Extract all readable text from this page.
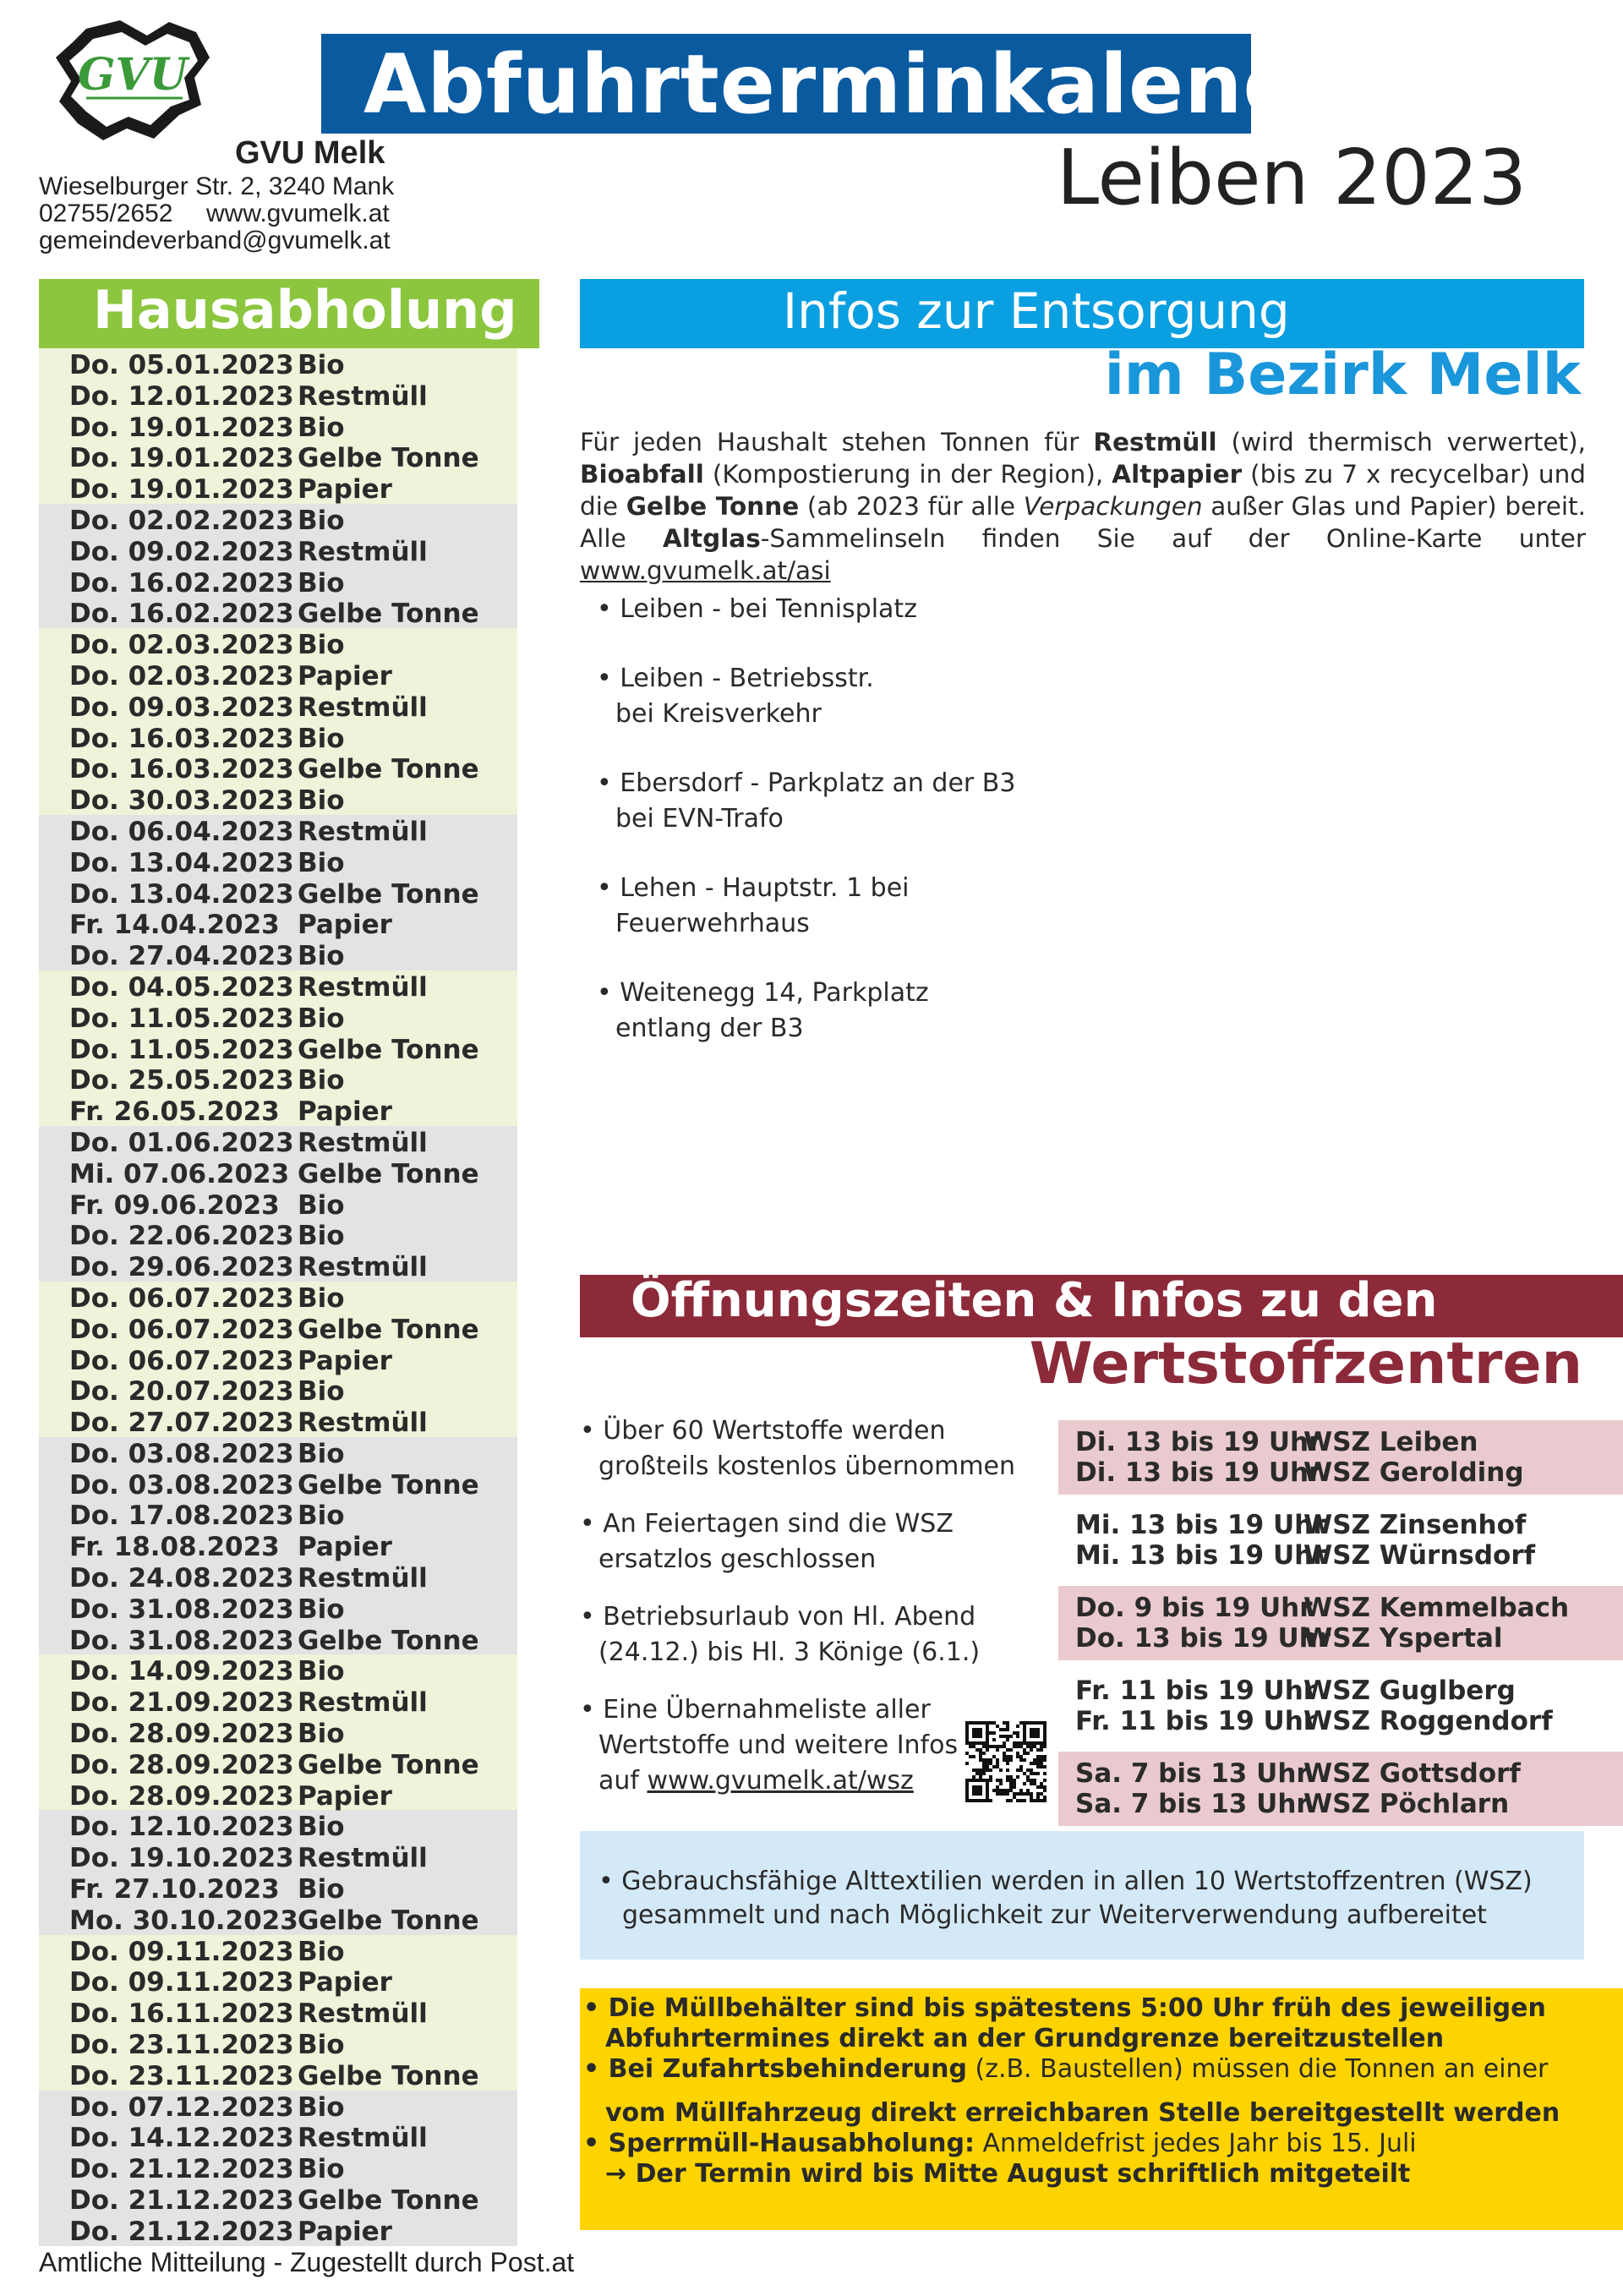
GVU Abfuhrterminkalender
Leiben 2023
GVU Melk
Wieselburger Str. 2, 3240 Mank
02755/2652 www.gvumelk.at
gemeindeverband@gvumelk.at
Hausabholung
Do. 05.01.2023 Bio
Do. 12.01.2023 Restmüll
Do. 19.01.2023 Bio
Do. 19.01.2023 Gelbe Tonne
Do. 19.01.2023 Papier
Do. 02.02.2023 Bio
Do. 09.02.2023 Restmüll
Do. 16.02.2023 Bio
Do. 16.02.2023 Gelbe Tonne
Do. 02.03.2023 Bio
Do. 02.03.2023 Papier
Do. 09.03.2023 Restmüll
Do. 16.03.2023 Bio
Do. 16.03.2023 Gelbe Tonne
Do. 30.03.2023 Bio
Do. 06.04.2023 Restmüll
Do. 13.04.2023 Bio
Do. 13.04.2023 Gelbe Tonne
Fr. 14.04.2023 Papier
Do. 27.04.2023 Bio
Do. 04.05.2023 Restmüll
Do. 11.05.2023 Bio
Do. 11.05.2023 Gelbe Tonne
Do. 25.05.2023 Bio
Fr. 26.05.2023 Papier
Do. 01.06.2023 Restmüll
Mi. 07.06.2023 Gelbe Tonne
Fr. 09.06.2023 Bio
Do. 22.06.2023 Bio
Do. 29.06.2023 Restmüll
Do. 06.07.2023 Bio
Do. 06.07.2023 Gelbe Tonne
Do. 06.07.2023 Papier
Do. 20.07.2023 Bio
Do. 27.07.2023 Restmüll
Do. 03.08.2023 Bio
Do. 03.08.2023 Gelbe Tonne
Do. 17.08.2023 Bio
Fr. 18.08.2023 Papier
Do. 24.08.2023 Restmüll
Do. 31.08.2023 Bio
Do. 31.08.2023 Gelbe Tonne
Do. 14.09.2023 Bio
Do. 21.09.2023 Restmüll
Do. 28.09.2023 Bio
Do. 28.09.2023 Gelbe Tonne
Do. 28.09.2023 Papier
Do. 12.10.2023 Bio
Do. 19.10.2023 Restmüll
Fr. 27.10.2023 Bio
Mo. 30.10.2023 Gelbe Tonne
Do. 09.11.2023 Bio
Do. 09.11.2023 Papier
Do. 16.11.2023 Restmüll
Do. 23.11.2023 Bio
Do. 23.11.2023 Gelbe Tonne
Do. 07.12.2023 Bio
Do. 14.12.2023 Restmüll
Do. 21.12.2023 Bio
Do. 21.12.2023 Gelbe Tonne
Do. 21.12.2023 Papier
Amtliche Mitteilung - Zugestellt durch Post.at
Infos zur Entsorgung
im Bezirk Melk
Für jeden Haushalt stehen Tonnen für Restmüll (wird thermisch verwertet), Bioabfall (Kompostierung in der Region), Altpapier (bis zu 7 x recycelbar) und die Gelbe Tonne (ab 2023 für alle Verpackungen außer Glas und Papier) bereit. Alle Altglas-Sammelinseln finden Sie auf der Online-Karte unter www.gvumelk.at/asi
• Leiben - bei Tennisplatz
• Leiben - Betriebsstr.
bei Kreisverkehr
• Ebersdorf - Parkplatz an der B3
bei EVN-Trafo
• Lehen - Hauptstr. 1 bei
Feuerwehrhaus
• Weitenegg 14, Parkplatz
entlang der B3
Öffnungszeiten & Infos zu den
Wertstoffzentren
• Über 60 Wertstoffe werden
großteils kostenlos übernommen
• An Feiertagen sind die WSZ
ersatzlos geschlossen
• Betriebsurlaub von Hl. Abend
(24.12.) bis Hl. 3 Könige (6.1.)
• Eine Übernahmeliste aller
Wertstoffe und weitere Infos
auf www.gvumelk.at/wsz
Di. 13 bis 19 Uhr
WSZ Leiben
Di. 13 bis 19 Uhr
WSZ Gerolding
Mi. 13 bis 19 Uhr
WSZ Zinsenhof
Mi. 13 bis 19 Uhr
WSZ Würnsdorf
Do. 9 bis 19 Uhr
WSZ Kemmelbach
Do. 13 bis 19 Uhr
WSZ Yspertal
Fr. 11 bis 19 Uhr
WSZ Guglberg
Fr. 11 bis 19 Uhr
WSZ Roggendorf
Sa. 7 bis 13 Uhr
WSZ Gottsdorf
Sa. 7 bis 13 Uhr
WSZ Pöchlarn
• Gebrauchsfähige Alttextilien werden in allen 10 Wertstoffzentren (WSZ)
gesammelt und nach Möglichkeit zur Weiterverwendung aufbereitet
• Die Müllbehälter sind bis spätestens 5:00 Uhr früh des jeweiligen
Abfuhrtermines direkt an der Grundgrenze bereitzustellen
• Bei Zufahrtsbehinderung (z.B. Baustellen) müssen die Tonnen an einer
vom Müllfahrzeug direkt erreichbaren Stelle bereitgestellt werden
• Sperrmüll-Hausabholung: Anmeldefrist jedes Jahr bis 15. Juli
→ Der Termin wird bis Mitte August schriftlich mitgeteilt
